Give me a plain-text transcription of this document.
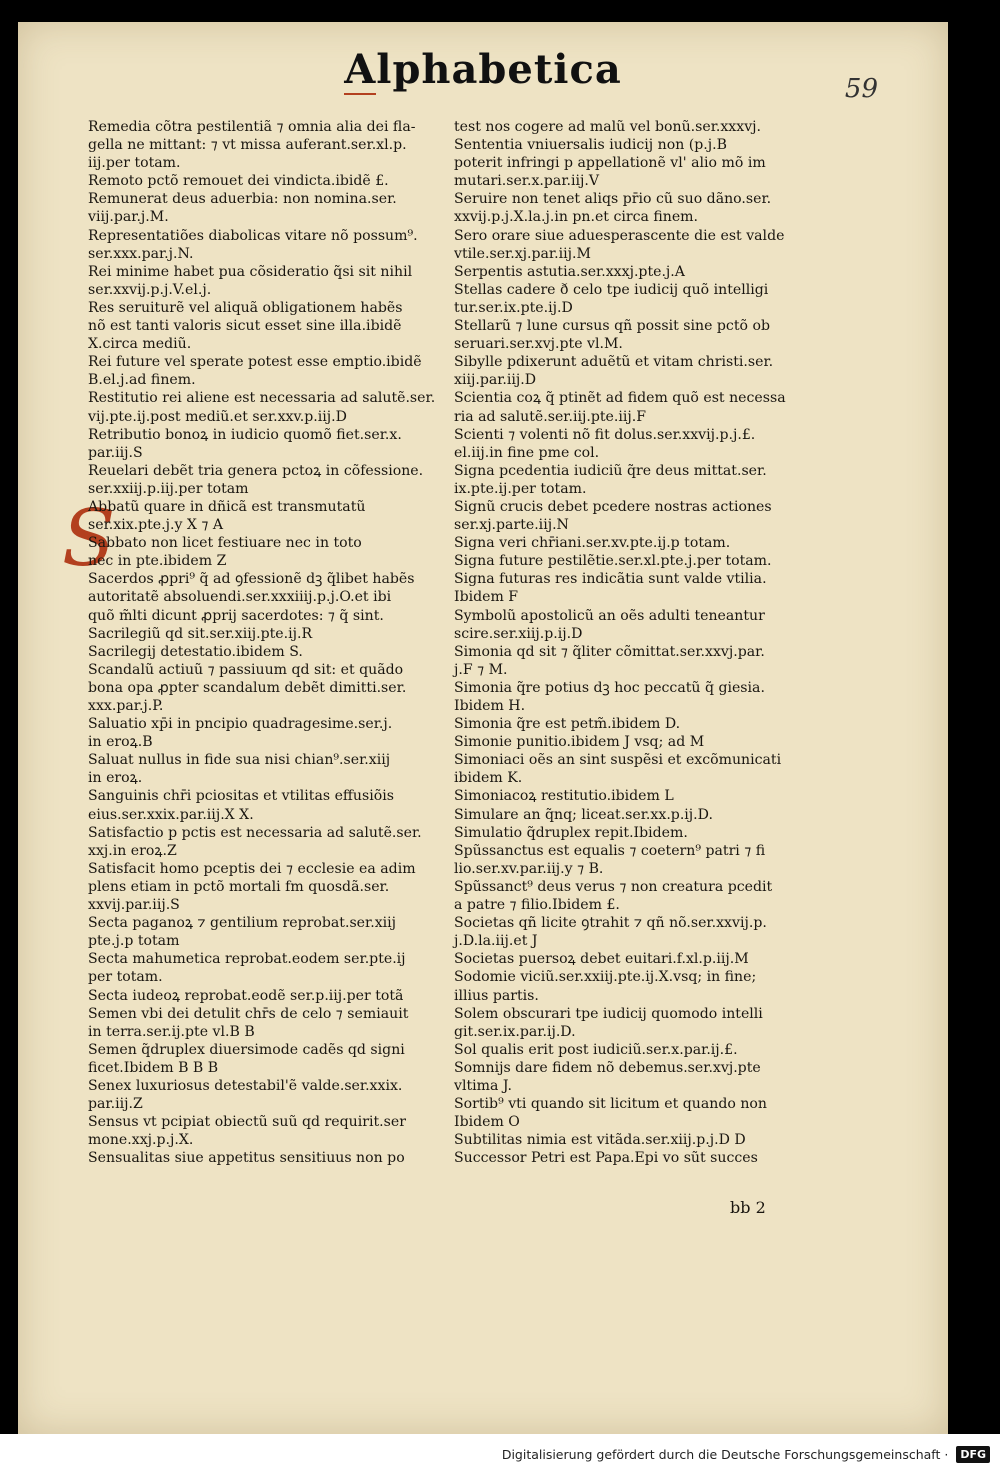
Alphabetica	59
S
Remedia cõtra pestilentiã ⁊ omnia alia dei fla-
gella ne mittant: ⁊ vt missa auferant.ser.xl.p.
iij.per totam.
Remoto pctõ remouet dei vindicta.ibidẽ £.
Remunerat deus aduerbia: non nomina.ser.
viij.par.j.M.
Representatiões diabolicas vitare nõ possum⁹.
ser.xxx.par.j.N.
Rei minime habet pua cõsideratio q̃si sit nihil
ser.xxvij.p.j.V.el.j.
Res seruiturẽ vel aliquã obligationem habẽs
nõ est tanti valoris sicut esset sine illa.ibidẽ
X.circa mediũ.
Rei future vel sperate potest esse emptio.ibidẽ
B.el.j.ad finem.
Restitutio rei aliene est necessaria ad salutẽ.ser.
vij.pte.ij.post mediũ.et ser.xxv.p.iij.D
Retributio bonoꝝ in iudicio quomõ fiet.ser.x.
par.iij.S
Reuelari debẽt tria genera pctoꝝ in cõfessione.
ser.xxiij.p.iij.per totam
Abbatũ quare in dñicã est transmutatũ
ser.xix.pte.j.y X ⁊ A
Sabbato non licet festiuare nec in toto
nec in pte.ibidem Z
Sacerdos ꝓpri⁹ q̃ ad ꝯfessionẽ dꝫ q̃libet habẽs
autoritatẽ absoluendi.ser.xxxiiij.p.j.O.et ibi
quõ m̃lti dicunt ꝓprij sacerdotes: ⁊ q̃ sint.
Sacrilegiũ qd sit.ser.xiij.pte.ij.R
Sacrilegij detestatio.ibidem S.
Scandalũ actiuũ ⁊ passiuum qd sit: et quãdo
bona opa ꝓpter scandalum debẽt dimitti.ser.
xxx.par.j.P.
Saluatio xp̄i in pncipio quadragesime.ser.j.
in eroꝝ.B
Saluat nullus in fide sua nisi chian⁹.ser.xiij
in eroꝝ.
Sanguinis chr̄i pciositas et vtilitas effusiõis
eius.ser.xxix.par.iij.X X.
Satisfactio p pctis est necessaria ad salutẽ.ser.
xxj.in eroꝝ.Z
Satisfacit homo pceptis dei ⁊ ecclesie ea adim
plens etiam in pctõ mortali fm quosdã.ser.
xxvij.par.iij.S
Secta paganoꝝ ⁊ gentilium reprobat.ser.xiij
pte.j.p totam
Secta mahumetica reprobat.eodem ser.pte.ij
per totam.
Secta iudeoꝝ reprobat.eodẽ ser.p.iij.per totã
Semen vbi dei detulit chr̄s de celo ⁊ semiauit
in terra.ser.ij.pte vl.B B
Semen q̃druplex diuersimode cadẽs qd signi
ficet.Ibidem B B B
Senex luxuriosus detestabil'ẽ valde.ser.xxix.
par.iij.Z
Sensus vt pcipiat obiectũ suũ qd requirit.ser
mone.xxj.p.j.X.
Sensualitas siue appetitus sensitiuus non po
test nos cogere ad malũ vel bonũ.ser.xxxvj.
Sententia vniuersalis iudicij non (p.j.B
poterit infringi p appellationẽ vl' alio mõ im
mutari.ser.x.par.iij.V
Seruire non tenet aliqs pr̄io cũ suo dãno.ser.
xxvij.p.j.X.la.j.in pn.et circa finem.
Sero orare siue aduesperascente die est valde
vtile.ser.xj.par.iij.M
Serpentis astutia.ser.xxxj.pte.j.A
Stellas cadere ð celo tpe iudicij quõ intelligi
tur.ser.ix.pte.ij.D
Stellarũ ⁊ lune cursus qñ possit sine pctõ ob
seruari.ser.xvj.pte vl.M.
Sibylle pdixerunt aduẽtũ et vitam christi.ser.
xiij.par.iij.D
Scientia coꝝ q̃ ptinẽt ad fidem quõ est necessa
ria ad salutẽ.ser.iij.pte.iij.F
Scienti ⁊ volenti nõ fit dolus.ser.xxvij.p.j.£.
el.iij.in fine pme col.
Signa pcedentia iudiciũ q̃re deus mittat.ser.
ix.pte.ij.per totam.
Signũ crucis debet pcedere nostras actiones
ser.xj.parte.iij.N
Signa veri chr̄iani.ser.xv.pte.ij.p totam.
Signa future pestilẽtie.ser.xl.pte.j.per totam.
Signa futuras res indicãtia sunt valde vtilia.
Ibidem F
Symbolũ apostolicũ an oẽs adulti teneantur
scire.ser.xiij.p.ij.D
Simonia qd sit ⁊ q̃liter cõmittat.ser.xxvj.par.
j.F ⁊ M.
Simonia q̃re potius dꝫ hoc peccatũ q̃ giesia.
Ibidem H.
Simonia q̃re est petm̃.ibidem D.
Simonie punitio.ibidem J vsq; ad M
Simoniaci oẽs an sint suspẽsi et excõmunicati
ibidem K.
Simoniacoꝝ restitutio.ibidem L
Simulare an q̃nq; liceat.ser.xx.p.ij.D.
Simulatio q̃druplex repit.Ibidem.
Spũssanctus est equalis ⁊ coetern⁹ patri ⁊ fi
lio.ser.xv.par.iij.y ⁊ B.
Spũssanct⁹ deus verus ⁊ non creatura pcedit
a patre ⁊ filio.Ibidem £.
Societas qñ licite ꝯtrahit ⁊ qñ nõ.ser.xxvij.p.
j.D.la.iij.et J
Societas puersoꝝ debet euitari.f.xl.p.iij.M
Sodomie viciũ.ser.xxiij.pte.ij.X.vsq; in fine;
illius partis.
Solem obscurari tpe iudicij quomodo intelli
git.ser.ix.par.ij.D.
Sol qualis erit post iudiciũ.ser.x.par.ij.£.
Somnijs dare fidem nõ debemus.ser.xvj.pte
vltima J.
Sortib⁹ vti quando sit licitum et quando non
Ibidem O
Subtilitas nimia est vitãda.ser.xiij.p.j.D D
Successor Petri est Papa.Epi vo sũt succes
bb 2
Digitalisierung gefördert durch die Deutsche Forschungsgemeinschaft ·	DFG
